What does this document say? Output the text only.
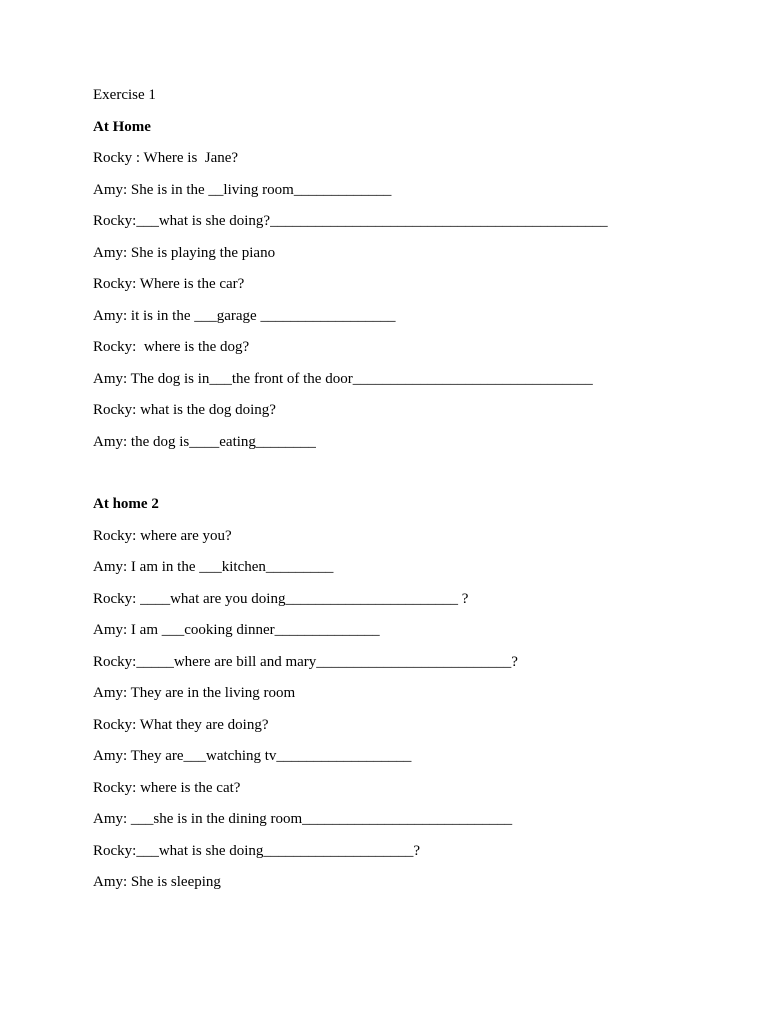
Exercise 1
At Home
Rocky : Where is  Jane?
Amy: She is in the __living room_____________
Rocky:___what is she doing?_____________________________________________
Amy: She is playing the piano
Rocky: Where is the car?
Amy: it is in the ___garage __________________
Rocky:  where is the dog?
Amy: The dog is in___the front of the door________________________________
Rocky: what is the dog doing?
Amy: the dog is____eating________
At home 2
Rocky: where are you?
Amy: I am in the ___kitchen_________
Rocky: ____what are you doing_______________________ ?
Amy: I am ___cooking dinner______________
Rocky:_____where are bill and mary__________________________?
Amy: They are in the living room
Rocky: What they are doing?
Amy: They are___watching tv__________________
Rocky: where is the cat?
Amy: ___she is in the dining room____________________________
Rocky:___what is she doing____________________?
Amy: She is sleeping
